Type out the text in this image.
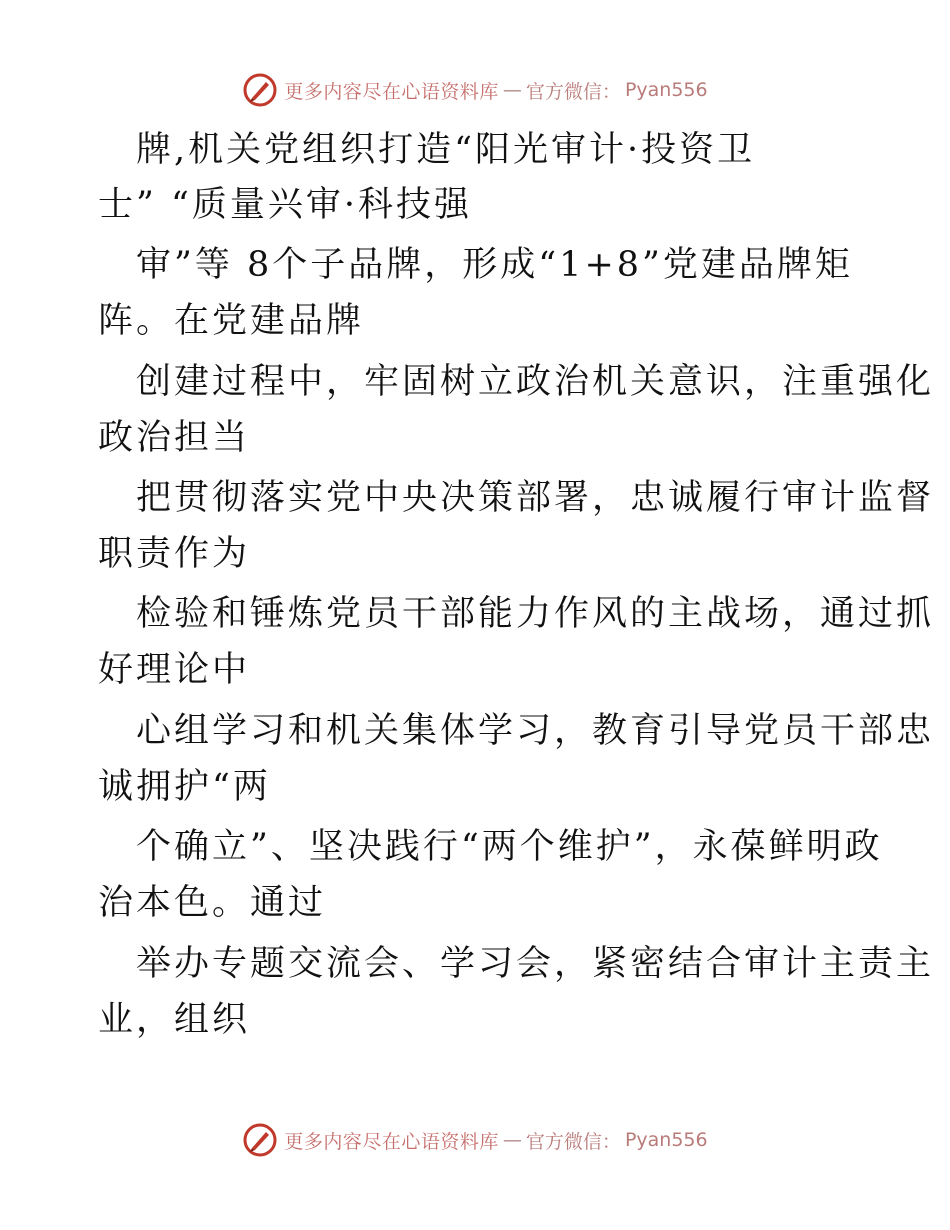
更多内容尽在心语资料库 — 官方微信： Pyan556
牌,机关党组织打造“阳光审计·投资卫
士” “质量兴审·科技强
审”等 8个子品牌，形成“1+8”党建品牌矩
阵。在党建品牌
创建过程中，牢固树立政治机关意识，注重强化
政治担当
把贯彻落实党中央决策部署，忠诚履行审计监督
职责作为
检验和锤炼党员干部能力作风的主战场，通过抓
好理论中
心组学习和机关集体学习，教育引导党员干部忠
诚拥护“两
个确立”、坚决践行“两个维护”，永葆鲜明政
治本色。通过
举办专题交流会、学习会，紧密结合审计主责主
业，组织
更多内容尽在心语资料库 — 官方微信： Pyan556
